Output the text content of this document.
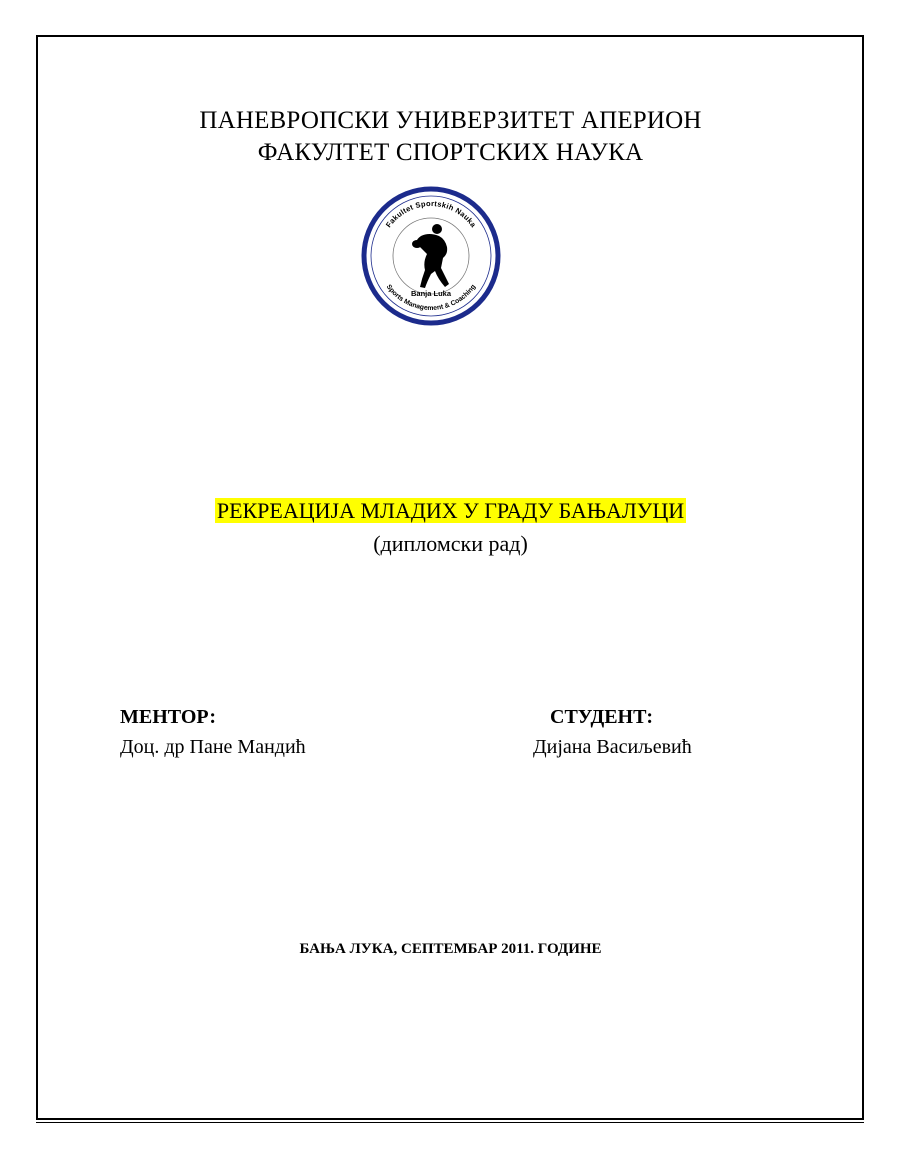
ПАНЕВРОПСКИ УНИВЕРЗИТЕТ АПЕРИОН
ФАКУЛТЕТ СПОРТСКИХ НАУКА
Fakultet Sportskih Nauka
Sports Management & Coaching
Banja Luka
РЕКРЕАЦИЈА МЛАДИХ У ГРАДУ БАЊАЛУЦИ
(дипломски рад)
МЕНТОР:
Доц. др Пане Мандић
СТУДЕНТ:
Дијана Васиљевић
БАЊА ЛУКА, СЕПТЕМБАР 2011. ГОДИНЕ
